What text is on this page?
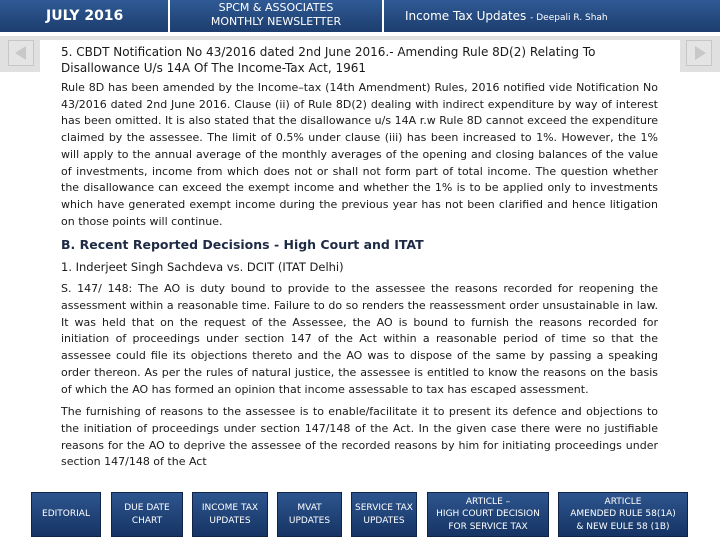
JULY 2016
SPCM & ASSOCIATES
MONTHLY NEWSLETTER	Income Tax Updates - Deepali R. Shah

5. CBDT Notification No 43/2016 dated 2nd June 2016.- Amending Rule 8D(2) Relating To Disallowance U/s 14A Of The Income-Tax Act, 1961

Rule 8D has been amended by the Income–tax (14th Amendment) Rules, 2016 notified vide Notification No 43/2016 dated 2nd June 2016. Clause (ii) of Rule 8D(2) dealing with indirect expenditure by way of interest has been omitted. It is also stated that the disallowance u/s 14A r.w Rule 8D cannot exceed the expenditure claimed by the assessee. The limit of 0.5% under clause (iii) has been increased to 1%. However, the 1% will apply to the annual average of the monthly averages of the opening and closing balances of the value of investments, income from which does not or shall not form part of total income. The question whether the disallowance can exceed the exempt income and whether the 1% is to be applied only to investments which have generated exempt income during the previous year has not been clarified and hence litigation on those points will continue.

B. Recent Reported Decisions - High Court and ITAT

1. Inderjeet Singh Sachdeva vs. DCIT (ITAT Delhi)

S. 147/ 148: The AO is duty bound to provide to the assessee the reasons recorded for reopening the assessment within a reasonable time. Failure to do so renders the reassessment order unsustainable in law. It was held that on the request of the Assessee, the AO is bound to furnish the reasons recorded for initiation of proceedings under section 147 of the Act within a reasonable period of time so that the assessee could file its objections thereto and the AO was to dispose of the same by passing a speaking order thereon. As per the rules of natural justice, the assessee is entitled to know the reasons on the basis of which the AO has formed an opinion that income assessable to tax has escaped assessment.

The furnishing of reasons to the assessee is to enable/facilitate it to present its defence and objections to the initiation of proceedings under section 147/148 of the Act. In the given case there were no justifiable reasons for the AO to deprive the assessee of the recorded reasons by him for initiating proceedings under section 147/148 of the Act

EDITORIAL
DUE DATE
CHART
INCOME TAX
UPDATES
MVAT
UPDATES
SERVICE TAX
UPDATES
ARTICLE –
HIGH COURT DECISION
FOR SERVICE TAX
ARTICLE
AMENDED RULE 58(1A)
& NEW EULE 58 (1B)
